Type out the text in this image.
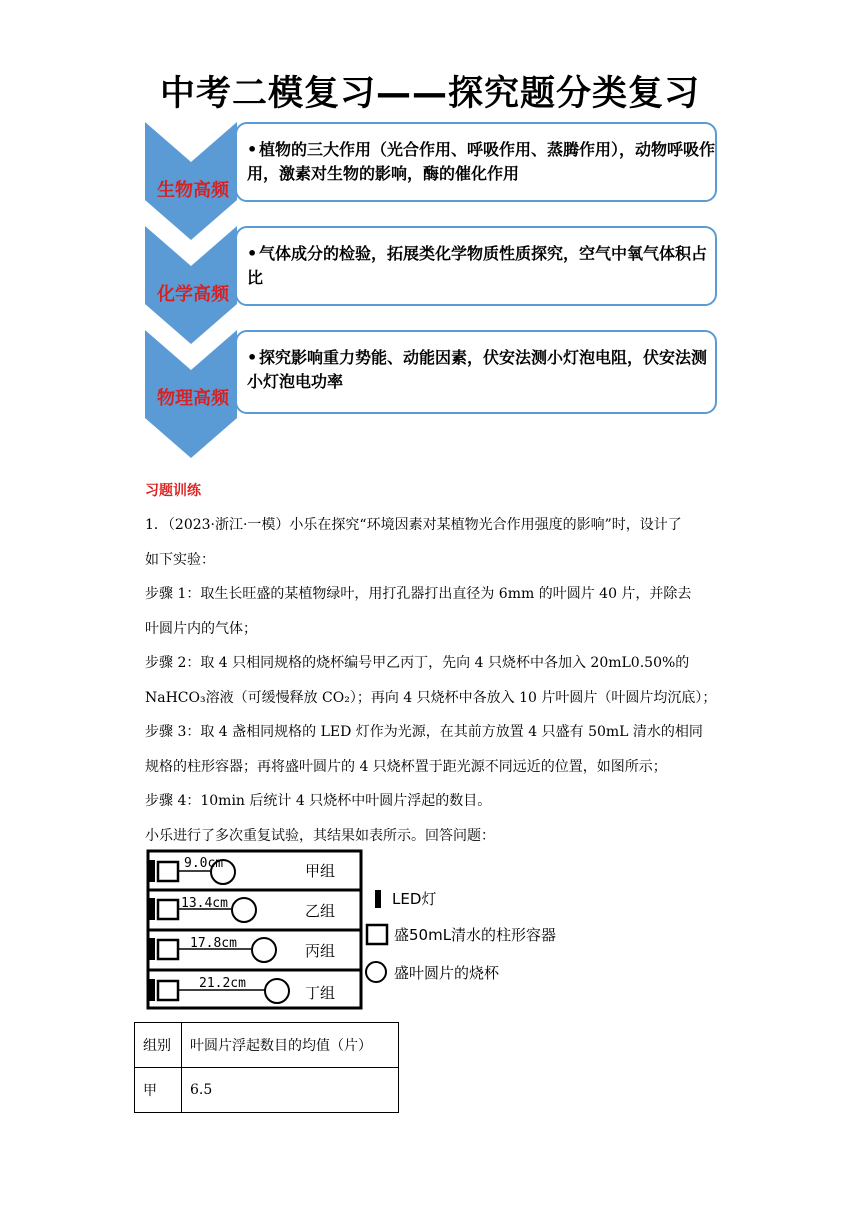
中考二模复习——探究题分类复习
生物高频
• 植物的三大作用（光合作用、呼吸作用、蒸腾作用），动物呼吸作用，激素对生物的影响，酶的催化作用
化学高频
• 气体成分的检验，拓展类化学物质性质探究，空气中氧气体积占比
物理高频
• 探究影响重力势能、动能因素，伏安法测小灯泡电阻，伏安法测小灯泡电功率
习题训练

1．（2023·浙江·一模）小乐在探究“环境因素对某植物光合作用强度的影响”时，设计了

如下实验：

步骤 1：取生长旺盛的某植物绿叶，用打孔器打出直径为 6mm 的叶圆片 40 片，并除去

叶圆片内的气体；

步骤 2：取 4 只相同规格的烧杯编号甲乙丙丁，先向 4 只烧杯中各加入 20mL0.50%的

NaHCO₃溶液（可缓慢释放 CO₂）；再向 4 只烧杯中各放入 10 片叶圆片（叶圆片均沉底）；

步骤 3：取 4 盏相同规格的 LED 灯作为光源，在其前方放置 4 只盛有 50mL 清水的相同

规格的柱形容器；再将盛叶圆片的 4 只烧杯置于距光源不同远近的位置，如图所示；

步骤 4：10min 后统计 4 只烧杯中叶圆片浮起的数目。

小乐进行了多次重复试验，其结果如表所示。回答问题：

9.0cm	甲组
13.4cm	乙组
17.8cm	丙组
21.2cm
丁组
LED灯
盛50mL清水的柱形容器
盛叶圆片的烧杯
组别	叶圆片浮起数目的均值（片）
甲	6.5
